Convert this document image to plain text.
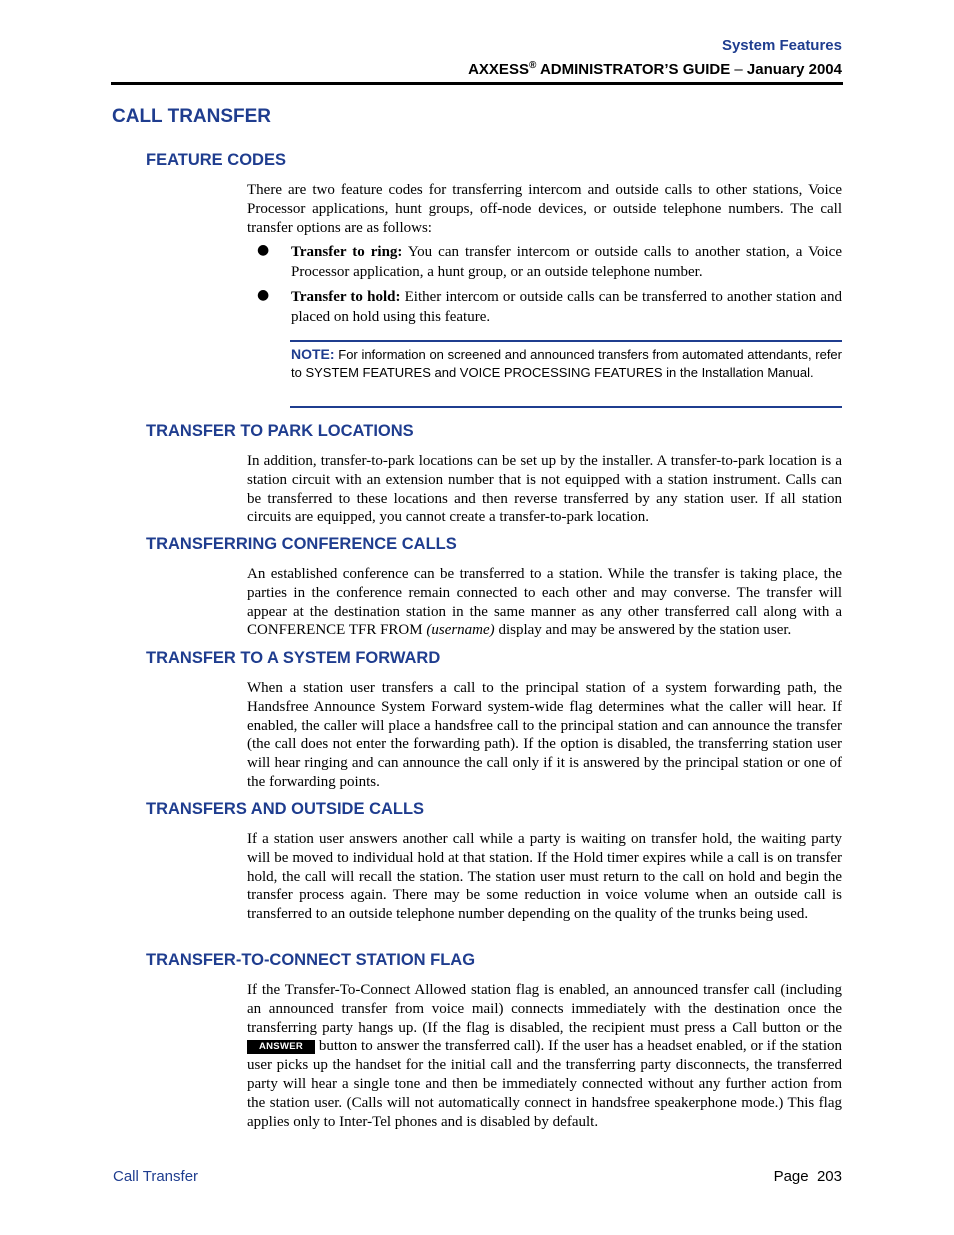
System Features
AXXESS® ADMINISTRATOR’S GUIDE – January 2004
CALL TRANSFER
FEATURE CODES

There are two feature codes for transferring intercom and outside calls to other stations, Voice Processor applications, hunt groups, off-node devices, or outside telephone numbers. The call transfer options are as follows:

● Transfer to ring: You can transfer intercom or outside calls to another station, a Voice Processor application, a hunt group, or an outside telephone number.

● Transfer to hold: Either intercom or outside calls can be transferred to another station and placed on hold using this feature.

NOTE: For information on screened and announced transfers from automated attendants, refer to SYSTEM FEATURES and VOICE PROCESSING FEATURES in the Installation Manual.

TRANSFER TO PARK LOCATIONS

In addition, transfer-to-park locations can be set up by the installer. A transfer-to-park location is a station circuit with an extension number that is not equipped with a station instrument. Calls can be transferred to these locations and then reverse transferred by any station user. If all station circuits are equipped, you cannot create a transfer-to-park location.

TRANSFERRING CONFERENCE CALLS

An established conference can be transferred to a station. While the transfer is taking place, the parties in the conference remain connected to each other and may converse. The transfer will appear at the destination station in the same manner as any other transferred call along with a CONFERENCE TFR FROM (username) display and may be answered by the station user.

TRANSFER TO A SYSTEM FORWARD

When a station user transfers a call to the principal station of a system forwarding path, the Handsfree Announce System Forward system-wide flag determines what the caller will hear. If enabled, the caller will place a handsfree call to the principal station and can announce the transfer (the call does not enter the forwarding path). If the option is disabled, the transferring station user will hear ringing and can announce the call only if it is answered by the principal station or one of the forwarding points.

TRANSFERS AND OUTSIDE CALLS

If a station user answers another call while a party is waiting on transfer hold, the waiting party will be moved to individual hold at that station. If the Hold timer expires while a call is on transfer hold, the call will recall the station. The station user must return to the call on hold and begin the transfer process again. There may be some reduction in voice volume when an outside call is transferred to an outside telephone number depending on the quality of the trunks being used.

TRANSFER-TO-CONNECT STATION FLAG

If the Transfer-To-Connect Allowed station flag is enabled, an announced transfer call (including an announced transfer from voice mail) connects immediately with the destination once the transferring party hangs up. (If the flag is disabled, the recipient must press a Call button or the ANSWER button to answer the transferred call). If the user has a headset enabled, or if the station user picks up the handset for the initial call and the transferring party disconnects, the transferred party will hear a single tone and then be immediately connected without any further action from the station user. (Calls will not automatically connect in handsfree speakerphone mode.) This flag applies only to Inter-Tel phones and is disabled by default.

Call Transfer	Page 203
